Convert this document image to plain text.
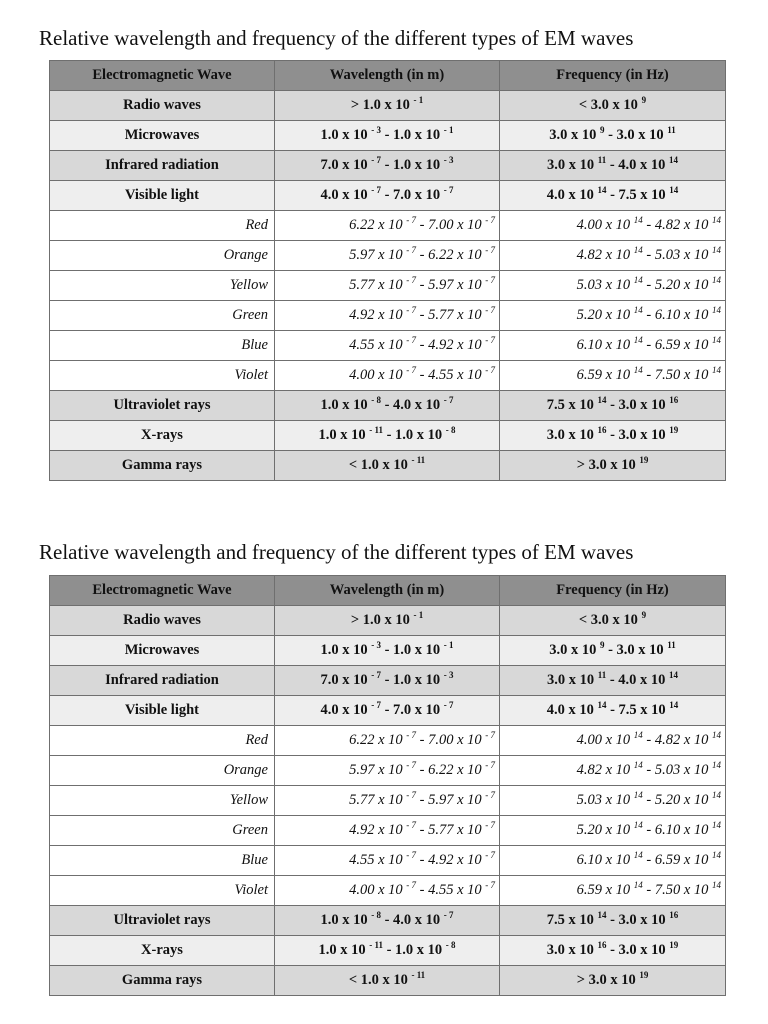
Relative wavelength and frequency of the different types of EM waves
Electromagnetic Wave	Wavelength (in m)	Frequency (in Hz)
Radio waves	> 1.0 x 10 $^{- 1}$	< 3.0 x 10 $^9$
Microwaves	1.0 x 10 $^{- 3}$ - 1.0 x 10 $^{- 1}$	3.0 x 10 $^9$ - 3.0 x 10 $^{11}$
Infrared radiation	7.0 x 10 $^{- 7}$ - 1.0 x 10 $^{- 3}$	3.0 x 10 $^{11}$ - 4.0 x 10 $^{14}$
Visible light	4.0 x 10 $^{- 7}$ - 7.0 x 10 $^{- 7}$	4.0 x 10 $^{14}$ - 7.5 x 10 $^{14}$
Red	6.22 x 10 $^{- 7}$ - 7.00 x 10 $^{- 7}$	4.00 x 10 $^{14}$ - 4.82 x 10 $^{14}$
Orange	5.97 x 10 $^{- 7}$ - 6.22 x 10 $^{- 7}$	4.82 x 10 $^{14}$ - 5.03 x 10 $^{14}$
Yellow	5.77 x 10 $^{- 7}$ - 5.97 x 10 $^{- 7}$	5.03 x 10 $^{14}$ - 5.20 x 10 $^{14}$
Green	4.92 x 10 $^{- 7}$ - 5.77 x 10 $^{- 7}$	5.20 x 10 $^{14}$ - 6.10 x 10 $^{14}$
Blue	4.55 x 10 $^{- 7}$ - 4.92 x 10 $^{- 7}$	6.10 x 10 $^{14}$ - 6.59 x 10 $^{14}$
Violet	4.00 x 10 $^{- 7}$ - 4.55 x 10 $^{- 7}$	6.59 x 10 $^{14}$ - 7.50 x 10 $^{14}$
Ultraviolet rays	1.0 x 10 $^{- 8}$ - 4.0 x 10 $^{- 7}$	7.5 x 10 $^{14}$ - 3.0 x 10 $^{16}$
X-rays	1.0 x 10 $^{- 11}$ - 1.0 x 10 $^{- 8}$	3.0 x 10 $^{16}$ - 3.0 x 10 $^{19}$
Gamma rays	< 1.0 x 10 $^{- 11}$	> 3.0 x 10 $^{19}$
Relative wavelength and frequency of the different types of EM waves
Electromagnetic Wave	Wavelength (in m)	Frequency (in Hz)
Radio waves	> 1.0 x 10 $^{- 1}$	< 3.0 x 10 $^9$
Microwaves	1.0 x 10 $^{- 3}$ - 1.0 x 10 $^{- 1}$	3.0 x 10 $^9$ - 3.0 x 10 $^{11}$
Infrared radiation	7.0 x 10 $^{- 7}$ - 1.0 x 10 $^{- 3}$	3.0 x 10 $^{11}$ - 4.0 x 10 $^{14}$
Visible light	4.0 x 10 $^{- 7}$ - 7.0 x 10 $^{- 7}$	4.0 x 10 $^{14}$ - 7.5 x 10 $^{14}$
Red	6.22 x 10 $^{- 7}$ - 7.00 x 10 $^{- 7}$	4.00 x 10 $^{14}$ - 4.82 x 10 $^{14}$
Orange	5.97 x 10 $^{- 7}$ - 6.22 x 10 $^{- 7}$	4.82 x 10 $^{14}$ - 5.03 x 10 $^{14}$
Yellow	5.77 x 10 $^{- 7}$ - 5.97 x 10 $^{- 7}$	5.03 x 10 $^{14}$ - 5.20 x 10 $^{14}$
Green	4.92 x 10 $^{- 7}$ - 5.77 x 10 $^{- 7}$	5.20 x 10 $^{14}$ - 6.10 x 10 $^{14}$
Blue	4.55 x 10 $^{- 7}$ - 4.92 x 10 $^{- 7}$	6.10 x 10 $^{14}$ - 6.59 x 10 $^{14}$
Violet	4.00 x 10 $^{- 7}$ - 4.55 x 10 $^{- 7}$	6.59 x 10 $^{14}$ - 7.50 x 10 $^{14}$
Ultraviolet rays	1.0 x 10 $^{- 8}$ - 4.0 x 10 $^{- 7}$	7.5 x 10 $^{14}$ - 3.0 x 10 $^{16}$
X-rays	1.0 x 10 $^{- 11}$ - 1.0 x 10 $^{- 8}$	3.0 x 10 $^{16}$ - 3.0 x 10 $^{19}$
Gamma rays	< 1.0 x 10 $^{- 11}$	> 3.0 x 10 $^{19}$
